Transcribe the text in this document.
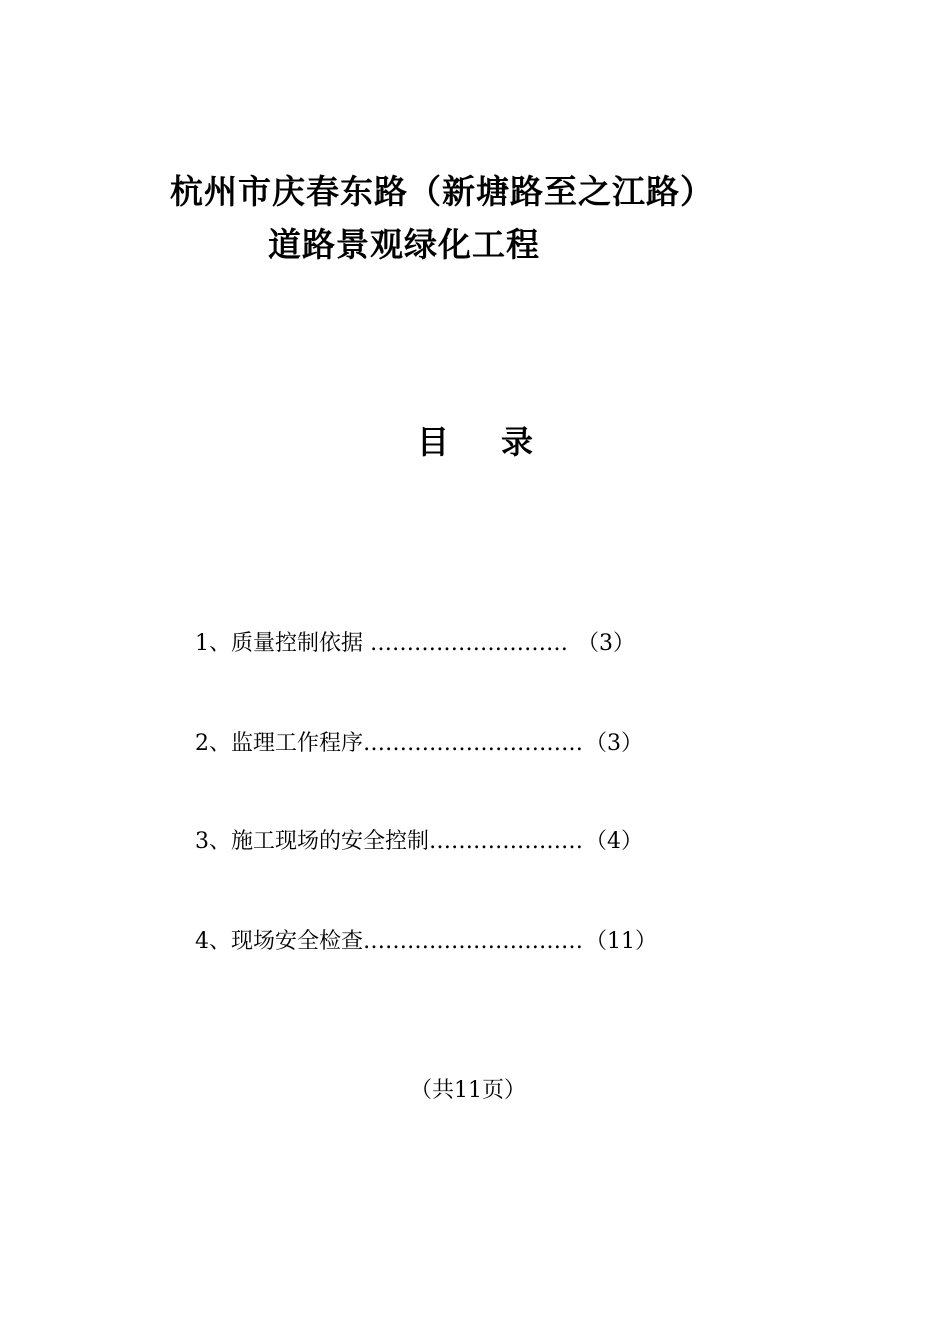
杭州市庆春东路（新塘路至之江路）
道路景观绿化工程
目 录
1、质量控制依据 ……………………… （3）
2、监理工作程序…………………………（3）
3、施工现场的安全控制…………………（4）
4、现场安全检查…………………………（11）
（共11页）
